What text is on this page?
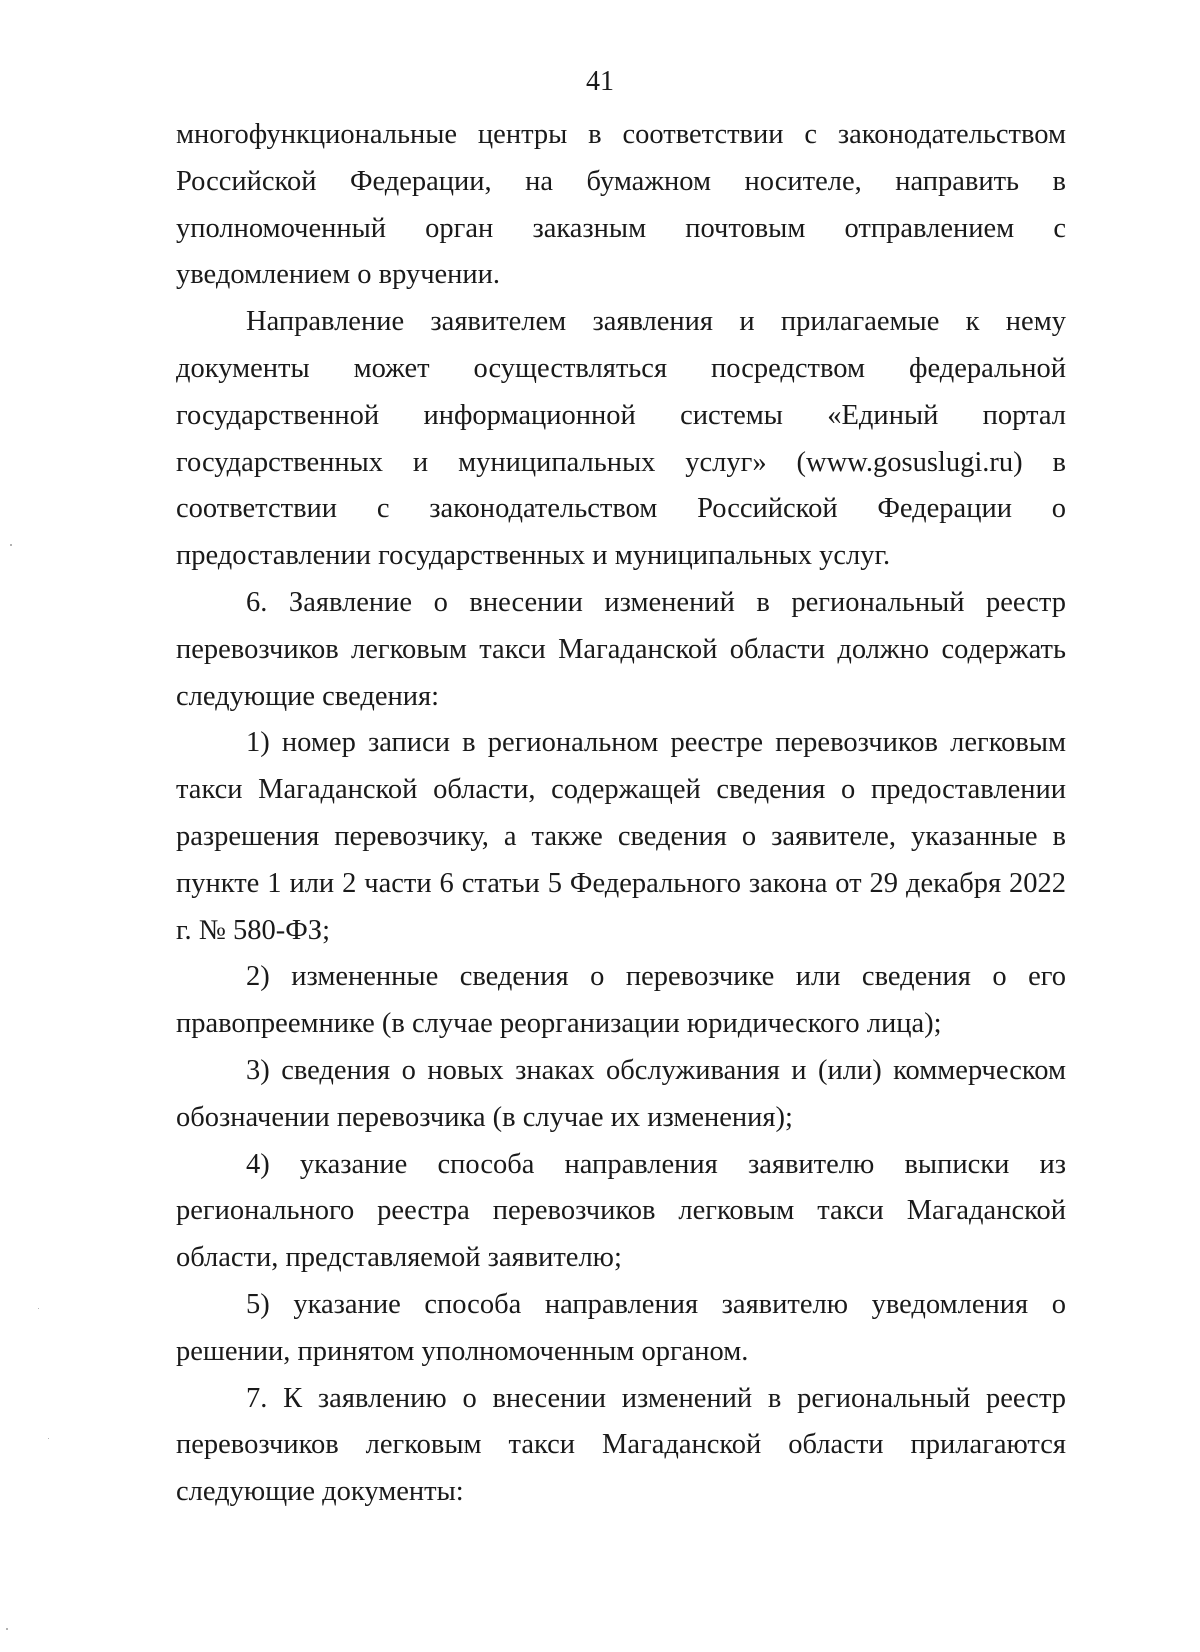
41

многофункциональные центры в соответствии с законодательством Российской Федерации, на бумажном носителе, направить в уполномоченный орган заказным почтовым отправлением с уведомлением о вручении.

Направление заявителем заявления и прилагаемые к нему документы может осуществляться посредством федеральной государственной информационной системы «Единый портал государственных и муниципальных услуг» (www.gosuslugi.ru) в соответствии с законодательством Российской Федерации о предоставлении государственных и муниципальных услуг.

6. Заявление о внесении изменений в региональный реестр перевозчиков легковым такси Магаданской области должно содержать следующие сведения:

1) номер записи в региональном реестре перевозчиков легковым такси Магаданской области, содержащей сведения о предоставлении разрешения перевозчику, а также сведения о заявителе, указанные в пункте 1 или 2 части 6 статьи 5 Федерального закона от 29 декабря 2022 г. № 580-ФЗ;

2) измененные сведения о перевозчике или сведения о его правопреемнике (в случае реорганизации юридического лица);

3) сведения о новых знаках обслуживания и (или) коммерческом обозначении перевозчика (в случае их изменения);

4) указание способа направления заявителю выписки из регионального реестра перевозчиков легковым такси Магаданской области, представляемой заявителю;

5) указание способа направления заявителю уведомления о решении, принятом уполномоченным органом.

7. К заявлению о внесении изменений в региональный реестр перевозчиков легковым такси Магаданской области прилагаются следующие документы:
